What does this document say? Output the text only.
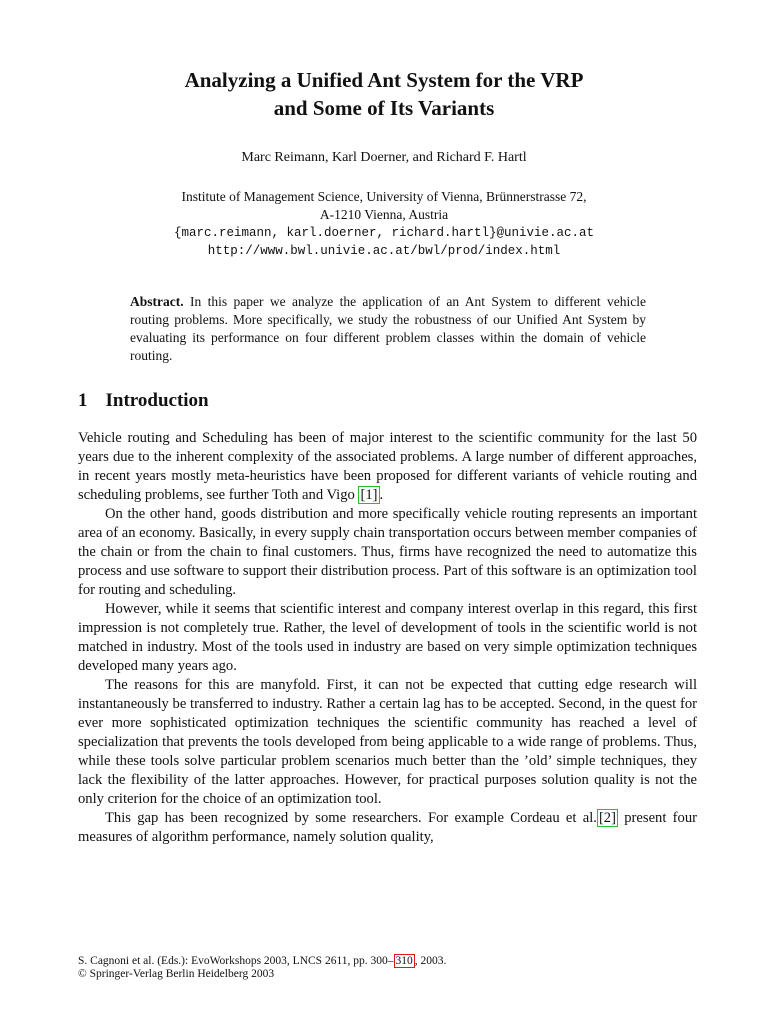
Analyzing a Unified Ant System for the VRP
and Some of Its Variants
Marc Reimann, Karl Doerner, and Richard F. Hartl
Institute of Management Science, University of Vienna, Brünnerstrasse 72,
A-1210 Vienna, Austria
{marc.reimann, karl.doerner, richard.hartl}@univie.ac.at
http://www.bwl.univie.ac.at/bwl/prod/index.html
Abstract. In this paper we analyze the application of an Ant System to different vehicle routing problems. More specifically, we study the robustness of our Unified Ant System by evaluating its performance on four different problem classes within the domain of vehicle routing.
1 Introduction

Vehicle routing and Scheduling has been of major interest to the scientific community for the last 50 years due to the inherent complexity of the associated problems. A large number of different approaches, in recent years mostly meta-heuristics have been proposed for different variants of vehicle routing and scheduling problems, see further Toth and Vigo [1] .

On the other hand, goods distribution and more specifically vehicle routing represents an important area of an economy. Basically, in every supply chain transportation occurs between member companies of the chain or from the chain to final customers. Thus, firms have recognized the need to automatize this process and use software to support their distribution process. Part of this software is an optimization tool for routing and scheduling.

However, while it seems that scientific interest and company interest overlap in this regard, this first impression is not completely true. Rather, the level of development of tools in the scientific world is not matched in industry. Most of the tools used in industry are based on very simple optimization techniques developed many years ago.

The reasons for this are manyfold. First, it can not be expected that cutting edge research will instantaneously be transferred to industry. Rather a certain lag has to be accepted. Second, in the quest for ever more sophisticated optimization techniques the scientific community has reached a level of specialization that prevents the tools developed from being applicable to a wide range of problems. Thus, while these tools solve particular problem scenarios much better than the ’old’ simple techniques, they lack the flexibility of the latter approaches. However, for practical purposes solution quality is not the only criterion for the choice of an optimization tool.

This gap has been recognized by some researchers. For example Cordeau et al. [2] present four measures of algorithm performance, namely solution quality,

S. Cagnoni et al. (Eds.): EvoWorkshops 2003, LNCS 2611, pp. 300– 310 , 2003.
© Springer-Verlag Berlin Heidelberg 2003
